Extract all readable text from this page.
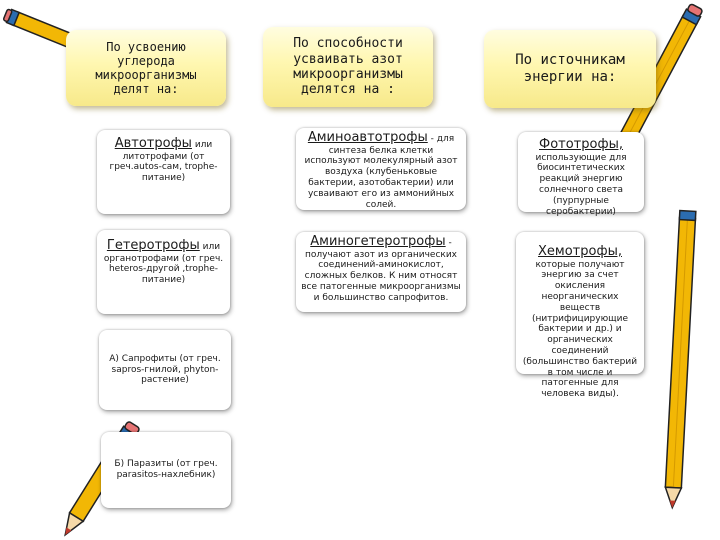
По усвоению углерода микроорганизмы делят на:
По способности усваивать азот микроорганизмы делятся на :
По источникам энергии на:
Автотрофы или
литотрофами (от греч.autos-сам, trophe-питание)
Гетеротрофы или
органотрофами (от греч. heteros-другой ,trophe-питание)
А) Сапрофиты (от греч. sapros-гнилой, phyton-растение)
Б) Паразиты (от греч. parasitos-нахлебник)
Аминоавтотрофы - для
синтеза белка клетки используют молекулярный азот воздуха (клубеньковые бактерии, азотобактерии) или усваивают его из аммонийных солей.
Аминогетеротрофы -
получают азот из органических соединений-аминокислот, сложных белков. К ним относят все патогенные микроорганизмы и большинство сапрофитов.
Фототрофы,
использующие для биосинтетических реакций энергию солнечного света (пурпурные серобактерии)
Хемотрофы,
которые получают энергию за счет окисления неорганических веществ (нитрифицирующие бактерии и др.) и органических соединений (большинство бактерий в том числе и патогенные для человека виды).
